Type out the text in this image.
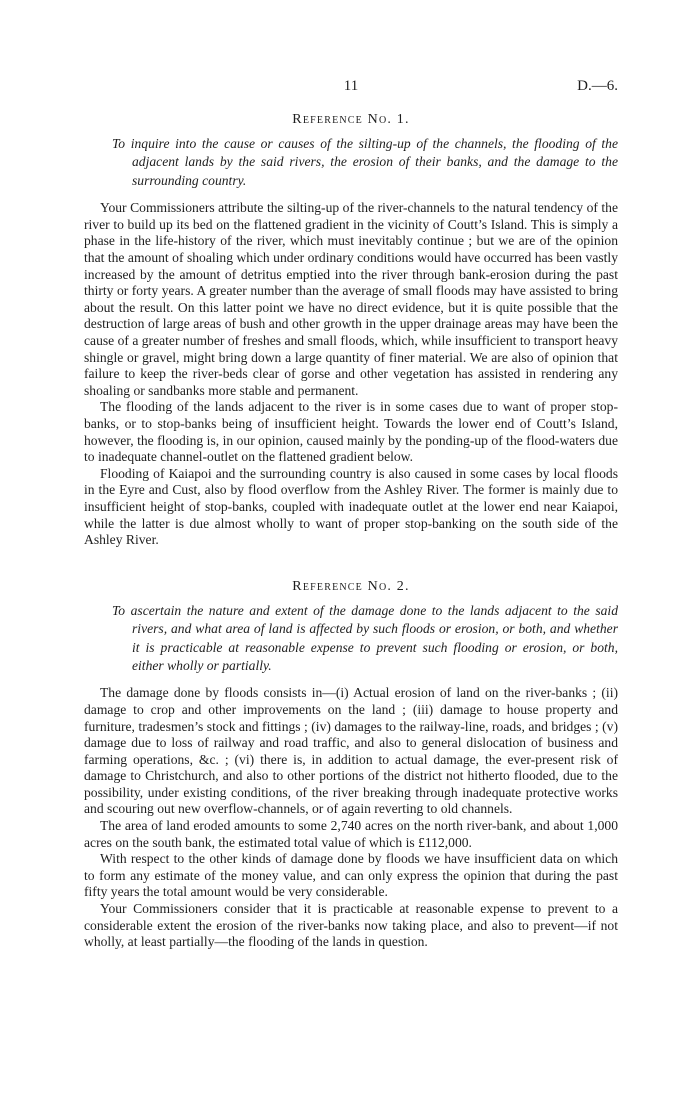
11	D.—6.
Reference No. 1.

To inquire into the cause or causes of the silting-up of the channels, the flooding of the adjacent lands by the said rivers, the erosion of their banks, and the damage to the surrounding country.

Your Commissioners attribute the silting-up of the river-channels to the natural tendency of the river to build up its bed on the flattened gradient in the vicinity of Coutt’s Island. This is simply a phase in the life-history of the river, which must inevitably continue ; but we are of the opinion that the amount of shoaling which under ordinary conditions would have occurred has been vastly increased by the amount of detritus emptied into the river through bank-erosion during the past thirty or forty years. A greater number than the average of small floods may have assisted to bring about the result. On this latter point we have no direct evidence, but it is quite possible that the destruction of large areas of bush and other growth in the upper drainage areas may have been the cause of a greater number of freshes and small floods, which, while insufficient to transport heavy shingle or gravel, might bring down a large quantity of finer material. We are also of opinion that failure to keep the river-beds clear of gorse and other vegetation has assisted in rendering any shoaling or sandbanks more stable and permanent.

The flooding of the lands adjacent to the river is in some cases due to want of proper stop-banks, or to stop-banks being of insufficient height. Towards the lower end of Coutt’s Island, however, the flooding is, in our opinion, caused mainly by the ponding-up of the flood-waters due to inadequate channel-outlet on the flattened gradient below.

Flooding of Kaiapoi and the surrounding country is also caused in some cases by local floods in the Eyre and Cust, also by flood overflow from the Ashley River. The former is mainly due to insufficient height of stop-banks, coupled with inadequate outlet at the lower end near Kaiapoi, while the latter is due almost wholly to want of proper stop-banking on the south side of the Ashley River.

Reference No. 2.

To ascertain the nature and extent of the damage done to the lands adjacent to the said rivers, and what area of land is affected by such floods or erosion, or both, and whether it is practicable at reasonable expense to prevent such flooding or erosion, or both, either wholly or partially.

The damage done by floods consists in—(i) Actual erosion of land on the river-banks ; (ii) damage to crop and other improvements on the land ; (iii) damage to house property and furniture, tradesmen’s stock and fittings ; (iv) damages to the railway-line, roads, and bridges ; (v) damage due to loss of railway and road traffic, and also to general dislocation of business and farming operations, &c. ; (vi) there is, in addition to actual damage, the ever-present risk of damage to Christchurch, and also to other portions of the district not hitherto flooded, due to the possibility, under existing conditions, of the river breaking through inadequate protective works and scouring out new overflow-channels, or of again reverting to old channels.

The area of land eroded amounts to some 2,740 acres on the north river-bank, and about 1,000 acres on the south bank, the estimated total value of which is £112,000.

With respect to the other kinds of damage done by floods we have insufficient data on which to form any estimate of the money value, and can only express the opinion that during the past fifty years the total amount would be very considerable.

Your Commissioners consider that it is practicable at reasonable expense to prevent to a considerable extent the erosion of the river-banks now taking place, and also to prevent—if not wholly, at least partially—the flooding of the lands in question.
